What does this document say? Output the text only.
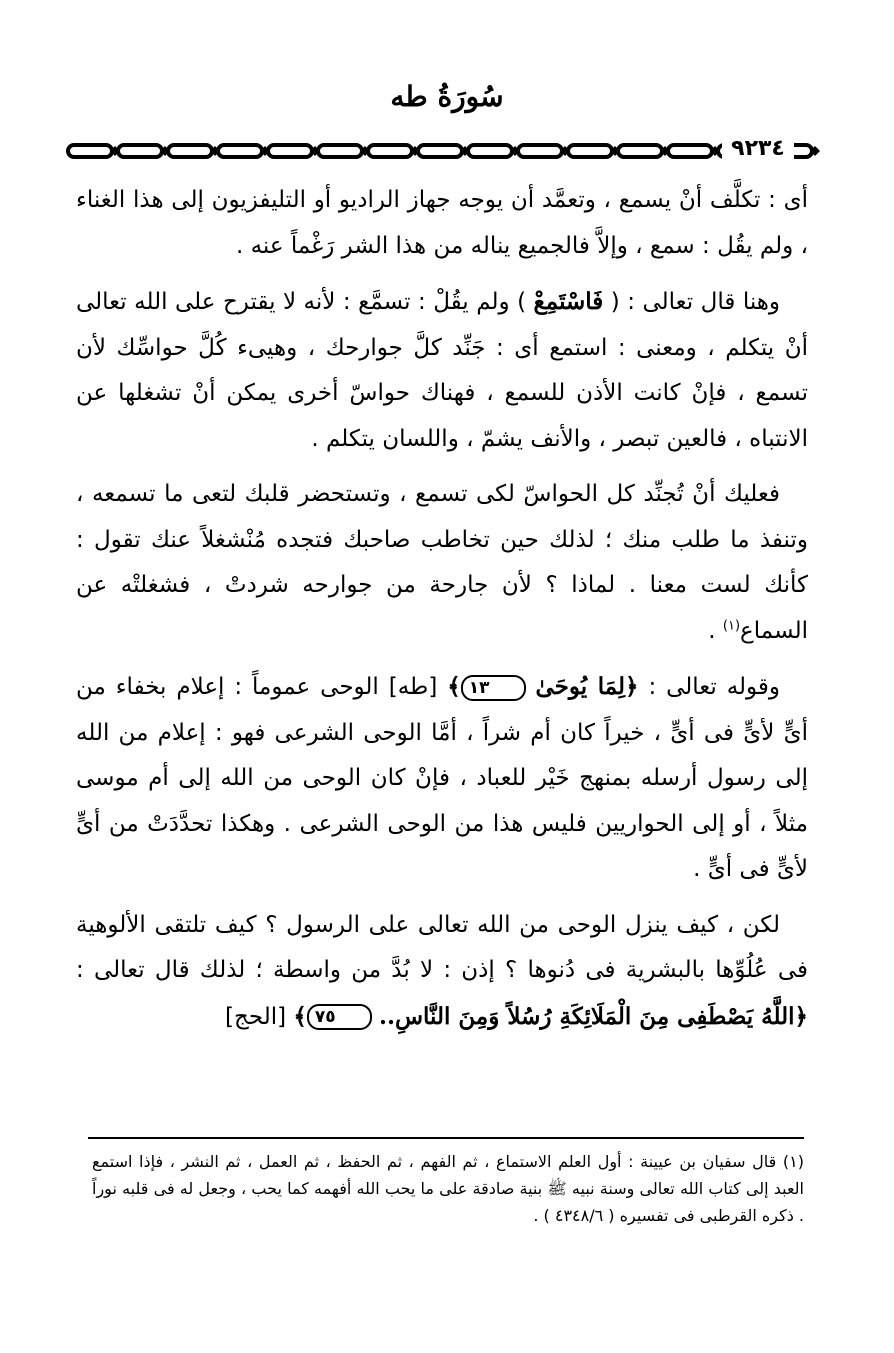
سُورَةُ طه
٩٢٣٤

أى : تكلَّف أنْ يسمع ، وتعمَّد أن يوجه جهاز الراديو أو التليفزيون إلى هذا الغناء ، ولم يقُل : سمع ، وإلاَّ فالجميع يناله من هذا الشر رَغْماً عنه .

وهنا قال تعالى : ( فَاسْتَمِعْ ) ولم يقُلْ : تسمَّع : لأنه لا يقترح على الله تعالى أنْ يتكلم ، ومعنى : استمع أى : جَنِّد كلَّ جوارحك ، وهيىء كُلَّ حواسِّك لأن تسمع ، فإنْ كانت الأذن للسمع ، فهناك حواسّ أخرى يمكن أنْ تشغلها عن الانتباه ، فالعين تبصر ، والأنف يشمّ ، واللسان يتكلم .

فعليك أنْ تُجنِّد كل الحواسّ لكى تسمع ، وتستحضر قلبك لتعى ما تسمعه ، وتنفذ ما طلب منك ؛ لذلك حين تخاطب صاحبك فتجده مُنْشغلاً عنك تقول : كأنك لست معنا . لماذا ؟ لأن جارحة من جوارحه شردتْ ، فشغلتْه عن السماع$^{(١)}$ .

وقوله تعالى : ﴿لِمَا يُوحَىٰ ١٣﴾ [طه] الوحى عموماً : إعلام بخفاء من أىٍّ لأىٍّ فى أىٍّ ، خيراً كان أم شراً ، أمَّا الوحى الشرعى فهو : إعلام من الله إلى رسول أرسله بمنهج خَيْر للعباد ، فإنْ كان الوحى من الله إلى أم موسى مثلاً ، أو إلى الحواريين فليس هذا من الوحى الشرعى . وهكذا تحدَّدَتْ من أىٍّ لأىٍّ فى أىٍّ .

لكن ، كيف ينزل الوحى من الله تعالى على الرسول ؟ كيف تلتقى الألوهية فى عُلُوِّها بالبشرية فى دُنوها ؟ إذن : لا بُدَّ من واسطة ؛ لذلك قال تعالى : ﴿اللَّهُ يَصْطَفِى مِنَ الْمَلَائِكَةِ رُسُلاً وَمِنَ النَّاسِ.. ٧٥﴾ [الحج]

(١) قال سفيان بن عيينة : أول العلم الاستماع ، ثم الفهم ، ثم الحفظ ، ثم العمل ، ثم النشر ، فإذا استمع العبد إلى كتاب الله تعالى وسنة نبيه ﷺ بنية صادقة على ما يحب الله أفهمه كما يحب ، وجعل له فى قلبه نوراً . ذكره القرطبى فى تفسيره ( ٤٣٤٨/٦ ) .
